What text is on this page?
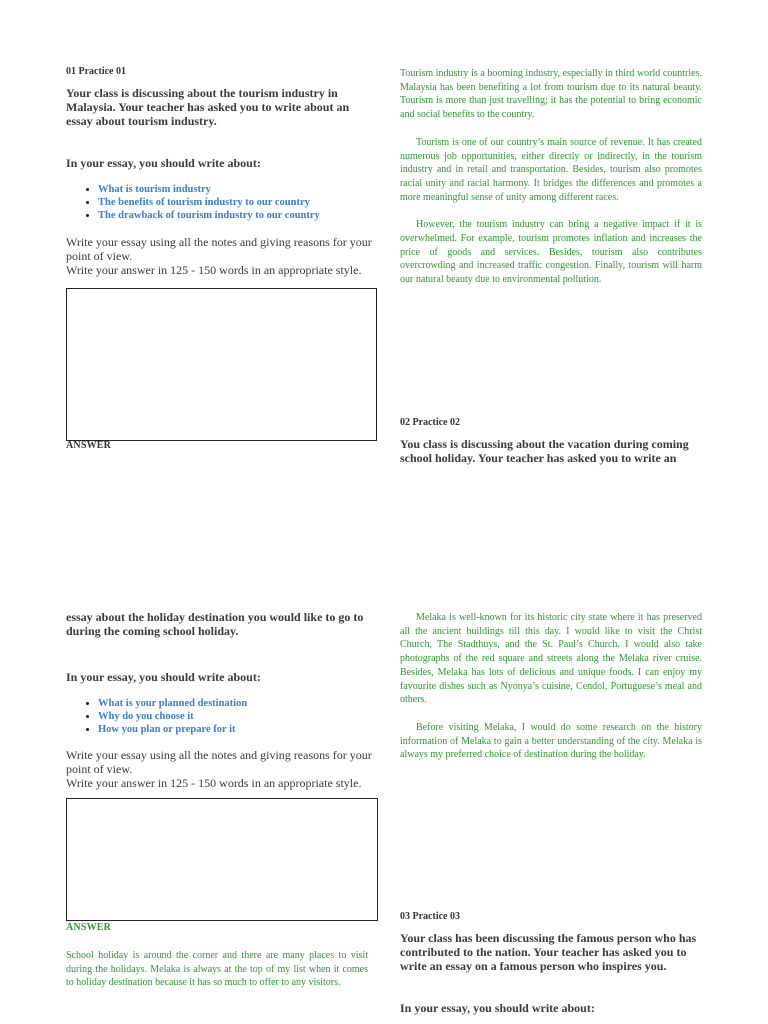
01 Practice 01
Your class is discussing about the tourism industry in Malaysia. Your teacher has asked you to write about an essay about tourism industry.
In your essay, you should write about:
• What is tourism industry
• The benefits of tourism industry to our country
• The drawback of tourism industry to our country
Write your essay using all the notes and giving reasons for your point of view.
Write your answer in 125 - 150 words in an appropriate style.
ANSWER

Tourism industry is a booming industry, especially in third world countries. Malaysia has been benefiting a lot from tourism due to its natural beauty. Tourism is more than just travelling; it has the potential to bring economic and social benefits to the country.

Tourism is one of our country’s main source of revenue. It has created numerous job opportunities, either directly or indirectly, in the tourism industry and in retail and transportation. Besides, tourism also promotes racial unity and racial harmony. It bridges the differences and promotes a more meaningful sense of unity among different races.

However, the tourism industry can bring a negative impact if it is overwhelmed. For example, tourism promotes inflation and increases the price of goods and services. Besides, tourism also contributes overcrowding and increased traffic congestion. Finally, tourism will harm our natural beauty due to environmental pollution.

02 Practice 02
You class is discussing about the vacation during coming school holiday. Your teacher has asked you to write an
essay about the holiday destination you would like to go to during the coming school holiday.
In your essay, you should write about:
• What is your planned destination
• Why do you choose it
• How you plan or prepare for it
Write your essay using all the notes and giving reasons for your point of view.
Write your answer in 125 - 150 words in an appropriate style.
ANSWER

School holiday is around the corner and there are many places to visit during the holidays. Melaka is always at the top of my list when it comes to holiday destination because it has so much to offer to any visitors.

Melaka is well-known for its historic city state where it has preserved all the ancient buildings till this day. I would like to visit the Christ Church, The Stadthuys, and the St. Paul’s Church. I would also take photographs of the red square and streets along the Melaka river cruise. Besides, Melaka has lots of delicious and unique foods. I can enjoy my favourite dishes such as Nyonya’s cuisine, Cendol, Portuguese’s meal and others.

Before visiting Melaka, I would do some research on the history information of Melaka to gain a better understanding of the city. Melaka is always my preferred choice of destination during the holiday.

03 Practice 03
Your class has been discussing the famous person who has contributed to the nation. Your teacher has asked you to write an essay on a famous person who inspires you.
In your essay, you should write about:
